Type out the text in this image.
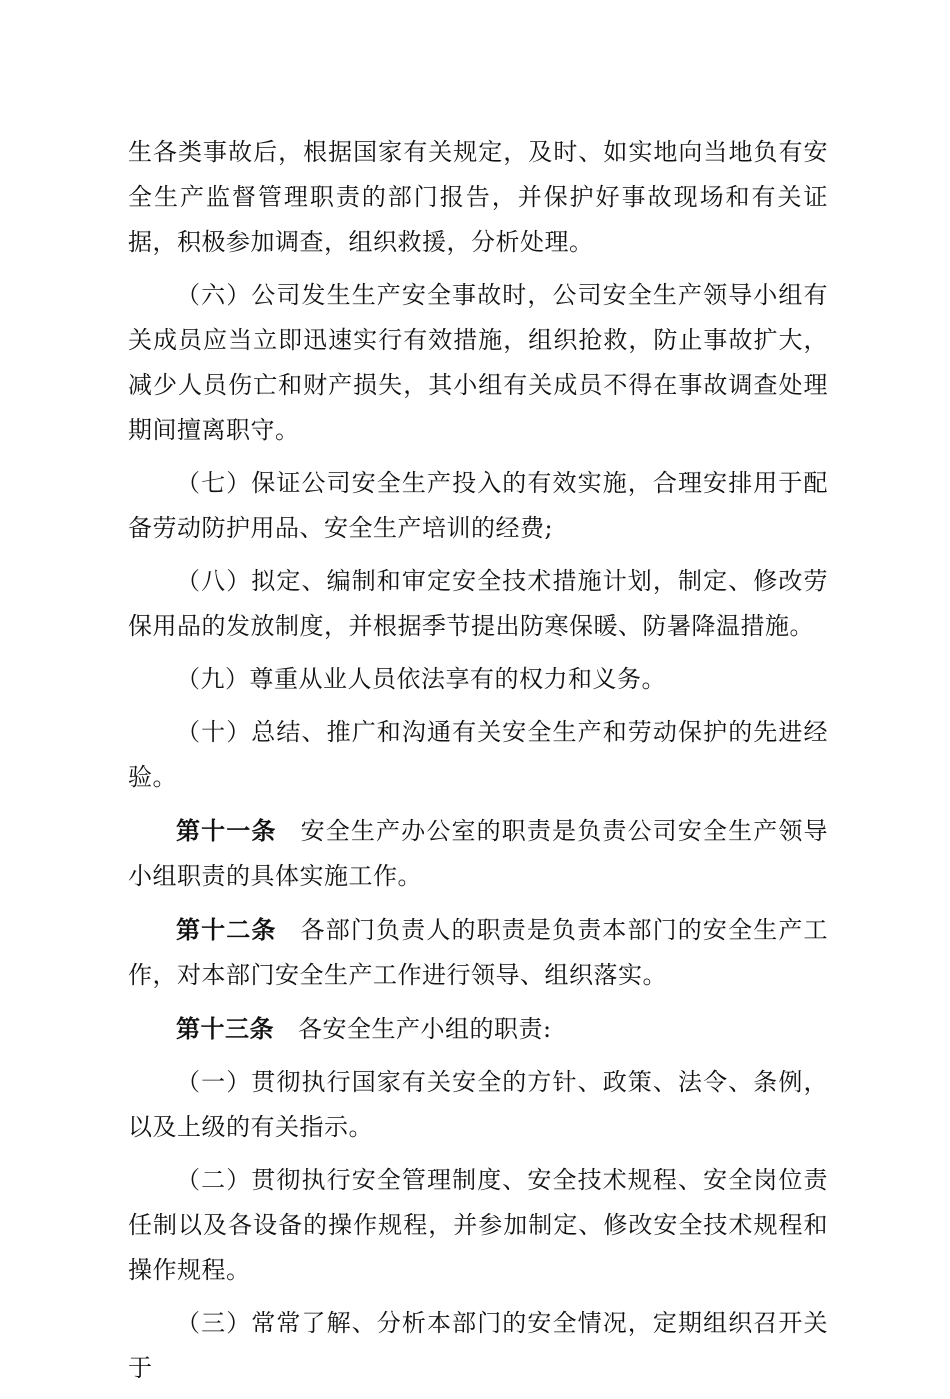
生各类事故后，根据国家有关规定，及时、如实地向当地负有安全生产监督管理职责的部门报告，并保护好事故现场和有关证据，积极参加调查，组织救援，分析处理。

（六）公司发生生产安全事故时，公司安全生产领导小组有关成员应当立即迅速实行有效措施，组织抢救，防止事故扩大，减少人员伤亡和财产损失，其小组有关成员不得在事故调查处理期间擅离职守。

（七）保证公司安全生产投入的有效实施，合理安排用于配备劳动防护用品、安全生产培训的经费;

（八）拟定、编制和审定安全技术措施计划，制定、修改劳保用品的发放制度，并根据季节提出防寒保暖、防暑降温措施。

（九）尊重从业人员依法享有的权力和义务。

（十）总结、推广和沟通有关安全生产和劳动保护的先进经验。

第十一条 安全生产办公室的职责是负责公司安全生产领导小组职责的具体实施工作。

第十二条 各部门负责人的职责是负责本部门的安全生产工作，对本部门安全生产工作进行领导、组织落实。

第十三条 各安全生产小组的职责:

（一）贯彻执行国家有关安全的方针、政策、法令、条例，以及上级的有关指示。

（二）贯彻执行安全管理制度、安全技术规程、安全岗位责任制以及各设备的操作规程，并参加制定、修改安全技术规程和操作规程。

（三）常常了解、分析本部门的安全情况，定期组织召开关于
